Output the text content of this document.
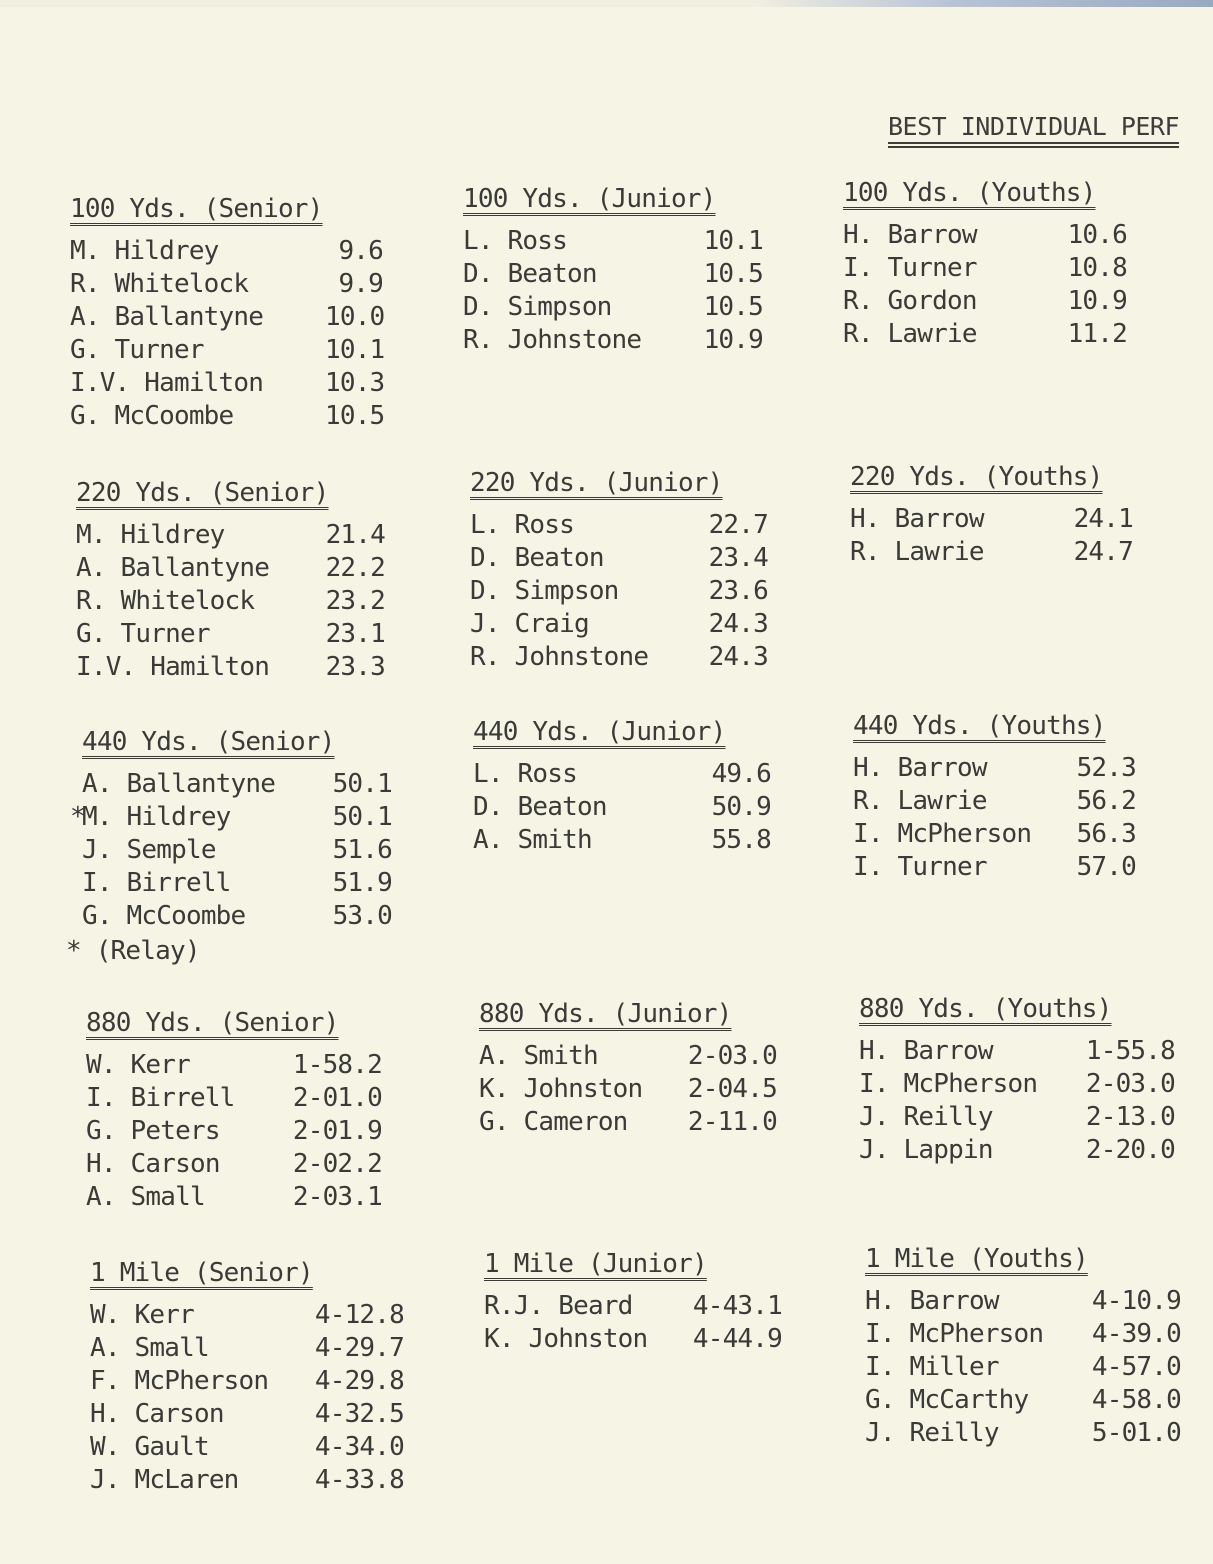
BEST INDIVIDUAL PERF
100 Yds. (Senior)
M. Hildrey	9.6
R. Whitelock	9.9
A. Ballantyne	10.0
G. Turner	10.1
I.V. Hamilton	10.3
G. McCoombe	10.5
100 Yds. (Junior)
L. Ross	10.1
D. Beaton	10.5
D. Simpson	10.5
R. Johnstone	10.9
100 Yds. (Youths)
H. Barrow	10.6
I. Turner	10.8
R. Gordon	10.9
R. Lawrie	11.2
220 Yds. (Senior)
M. Hildrey	21.4
A. Ballantyne	22.2
R. Whitelock	23.2
G. Turner	23.1
I.V. Hamilton	23.3
220 Yds. (Junior)
L. Ross	22.7
D. Beaton	23.4
D. Simpson	23.6
J. Craig	24.3
R. Johnstone	24.3
220 Yds. (Youths)
H. Barrow	24.1
R. Lawrie	24.7
440 Yds. (Senior)
A. Ballantyne	50.1
*M. Hildrey	50.1
J. Semple	51.6
I. Birrell	51.9
G. McCoombe	53.0
* (Relay)
440 Yds. (Junior)
L. Ross	49.6
D. Beaton	50.9
A. Smith	55.8
440 Yds. (Youths)
H. Barrow	52.3
R. Lawrie	56.2
I. McPherson	56.3
I. Turner	57.0
880 Yds. (Senior)
W. Kerr	1-58.2
I. Birrell	2-01.0
G. Peters	2-01.9
H. Carson	2-02.2
A. Small	2-03.1
880 Yds. (Junior)
A. Smith	2-03.0
K. Johnston	2-04.5
G. Cameron	2-11.0
880 Yds. (Youths)
H. Barrow	1-55.8
I. McPherson	2-03.0
J. Reilly	2-13.0
J. Lappin	2-20.0
1 Mile (Senior)
W. Kerr	4-12.8
A. Small	4-29.7
F. McPherson	4-29.8
H. Carson	4-32.5
W. Gault	4-34.0
J. McLaren	4-33.8
1 Mile (Junior)
R.J. Beard	4-43.1
K. Johnston	4-44.9
1 Mile (Youths)
H. Barrow	4-10.9
I. McPherson	4-39.0
I. Miller	4-57.0
G. McCarthy	4-58.0
J. Reilly	5-01.0
